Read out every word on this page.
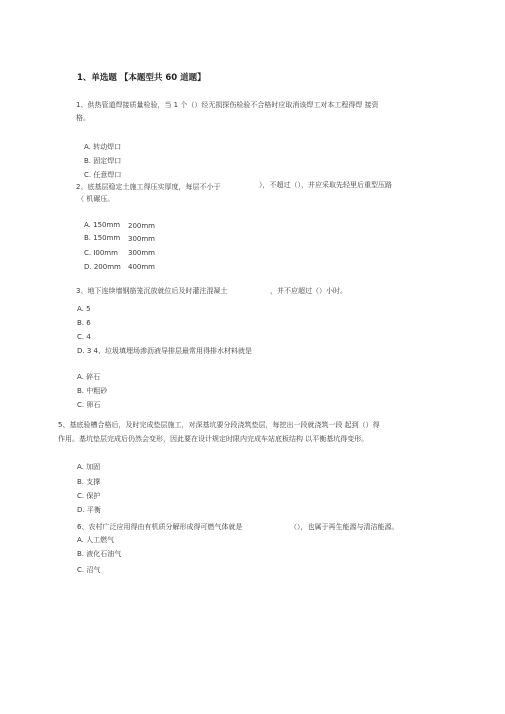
1、单选题 【本题型共 60 道题】
1、供热管道焊接质量检验，当 1 个（）经无损探伤检验不合格时应取消该焊工对本工程得焊 接资
格。
A. 转动焊口
B. 固定焊口
C. 任意焊口
2、底基层稳定土施工得压实厚度，每层不小于	），不超过（），并应采取先轻里后重型压路
（ 机碾压。
A. 150mm 200mm
B. 150mm 300mm
C. I00mm 300mm
D. 200mm 400mm
3、地下连续墙钢筋笼沉放就位后及时灌注混凝土	，并不应超过（）小时。
A. 5
B. 6
C. 4
D. 3 4、垃圾填埋场渗沥液导排层最常用得排水材料就是
A. 碎石
B. 中粗砂
C. 卵石
5、基底验槽合格后，及时完成垫层施工，对深基坑要分段浇筑垫层，每挖出一段就浇筑一段 起到（）得
作用。基坑垫层完成后仍然会变形，因此要在设计规定时限内完成车站底板结构 以平衡基坑得变形。
A. 加固
B. 支撑
C. 保护
D. 平衡
6、农村广泛应用得由有机质分解形成得可燃气体就是	（），也属于再生能源与清洁能源。
A. 人工燃气
B. 液化石油气
C. 沼气
